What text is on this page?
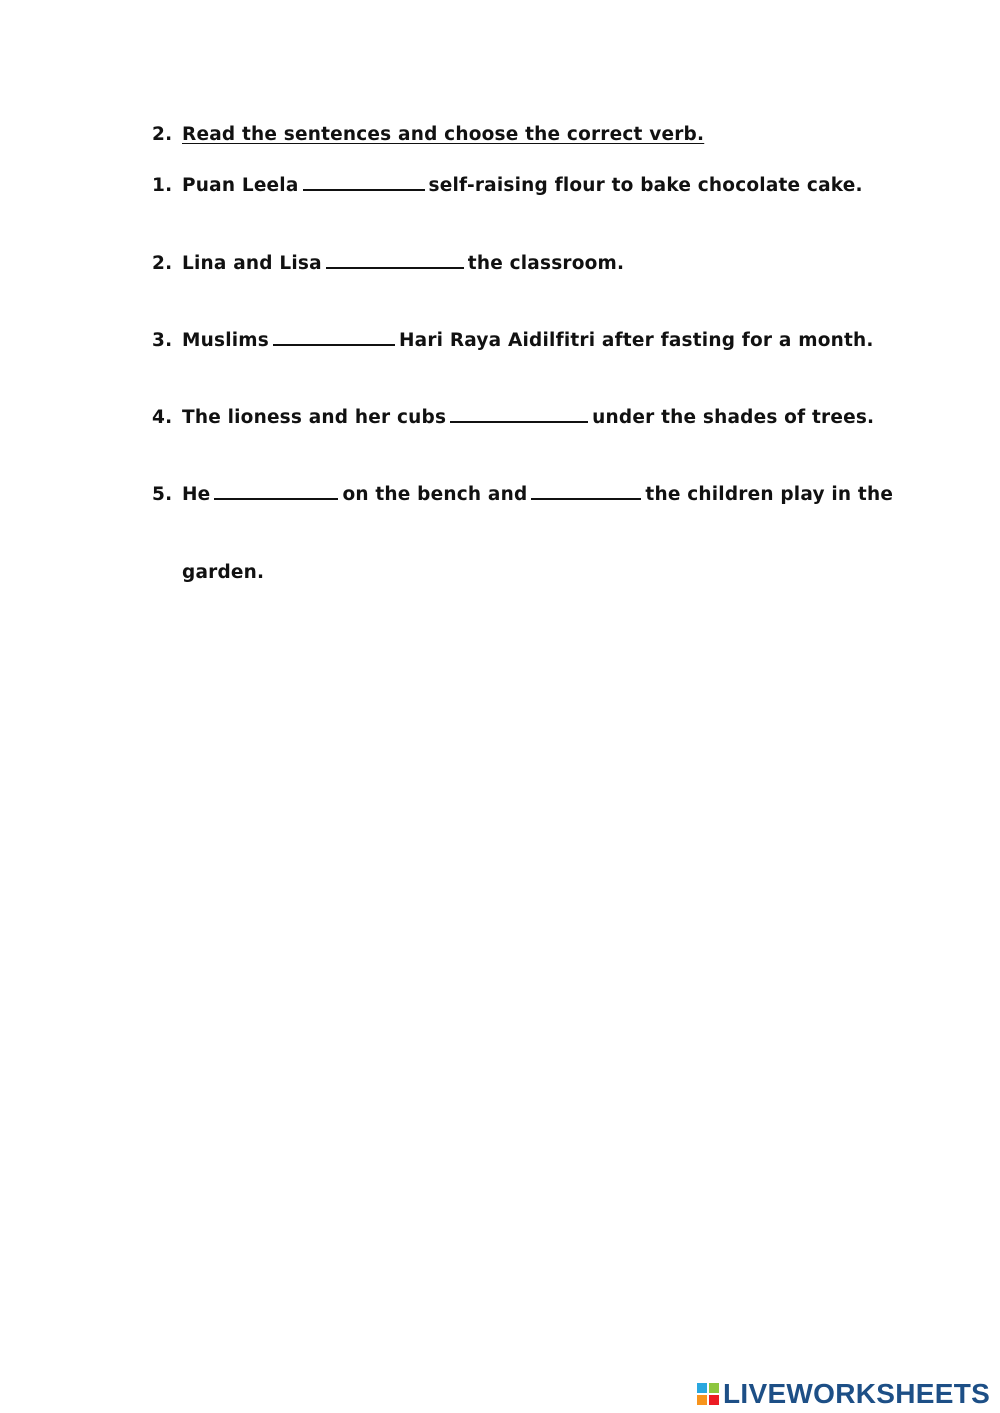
2. Read the sentences and choose the correct verb.
1. Puan Leela	self-raising flour to bake chocolate cake.
2. Lina and Lisa	the classroom.
3. Muslims	Hari Raya Aidilfitri after fasting for a month.
4. The lioness and her cubs	under the shades of trees.
5. He	on the bench and	the children play in the
garden.
LIVEWORKSHEETS
